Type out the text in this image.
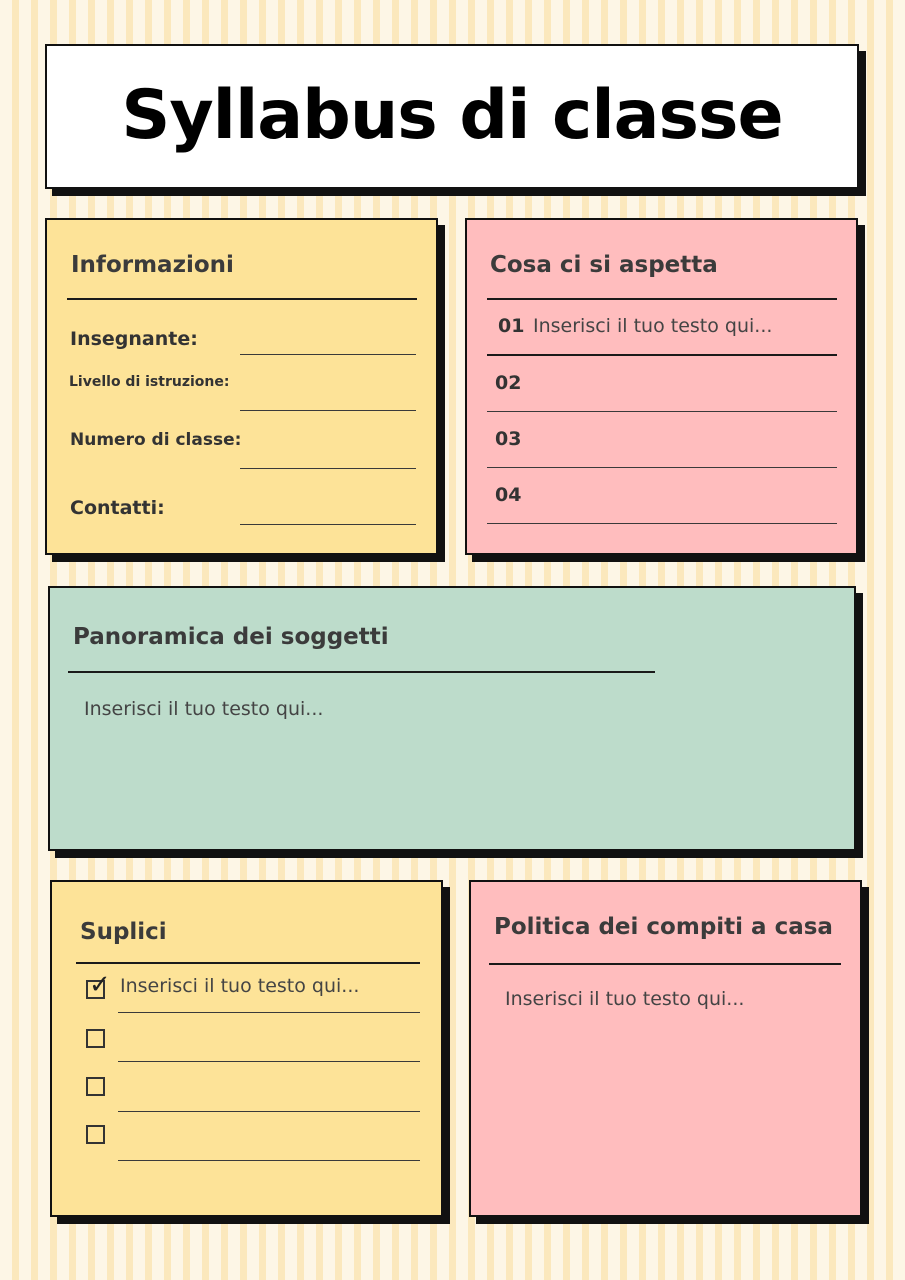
Syllabus di classe
Informazioni
Insegnante:
Livello di istruzione:
Numero di classe:
Contatti:
Cosa ci si aspetta
01 Inserisci il tuo testo qui...
02
03
04
Panoramica dei soggetti
Inserisci il tuo testo qui...
Suplici
✓ Inserisci il tuo testo qui...
Politica dei compiti a casa
Inserisci il tuo testo qui...
